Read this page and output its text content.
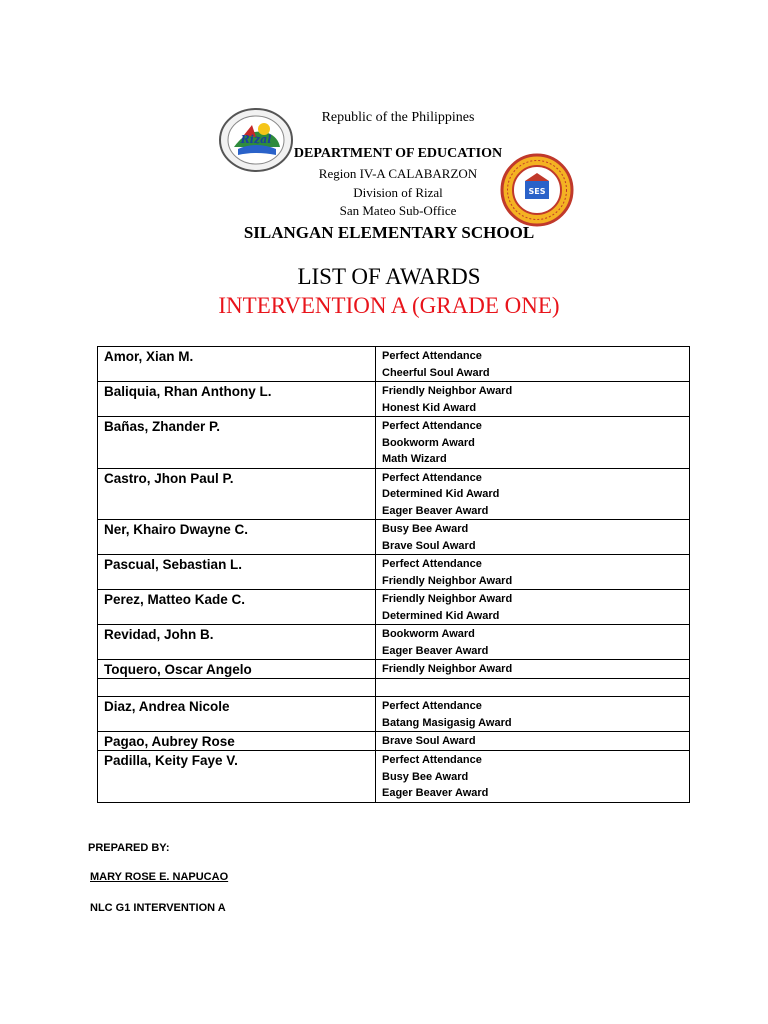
Rizal
SES
Republic of the Philippines
DEPARTMENT OF EDUCATION
Region IV-A CALABARZON
Division of Rizal
San Mateo Sub-Office
SILANGAN ELEMENTARY SCHOOL
LIST OF AWARDS
INTERVENTION A (GRADE ONE)
Amor, Xian M.	Perfect Attendance
Cheerful Soul Award

Baliquia, Rhan Anthony L.	Friendly Neighbor Award
Honest Kid Award

Bañas, Zhander P.	Perfect Attendance
Bookworm Award
Math Wizard

Castro, Jhon Paul P.	Perfect Attendance
Determined Kid Award
Eager Beaver Award

Ner, Khairo Dwayne C.	Busy Bee Award
Brave Soul Award

Pascual, Sebastian L.	Perfect Attendance
Friendly Neighbor Award

Perez, Matteo Kade C.	Friendly Neighbor Award
Determined Kid Award

Revidad, John B.	Bookworm Award
Eager Beaver Award

Toquero, Oscar Angelo	Friendly Neighbor Award

Diaz, Andrea Nicole	Perfect Attendance
Batang Masigasig Award

Pagao, Aubrey Rose	Brave Soul Award

Padilla, Keity Faye V.	Perfect Attendance
Busy Bee Award
Eager Beaver Award
PREPARED BY:
MARY ROSE E. NAPUCAO
NLC G1 INTERVENTION A
